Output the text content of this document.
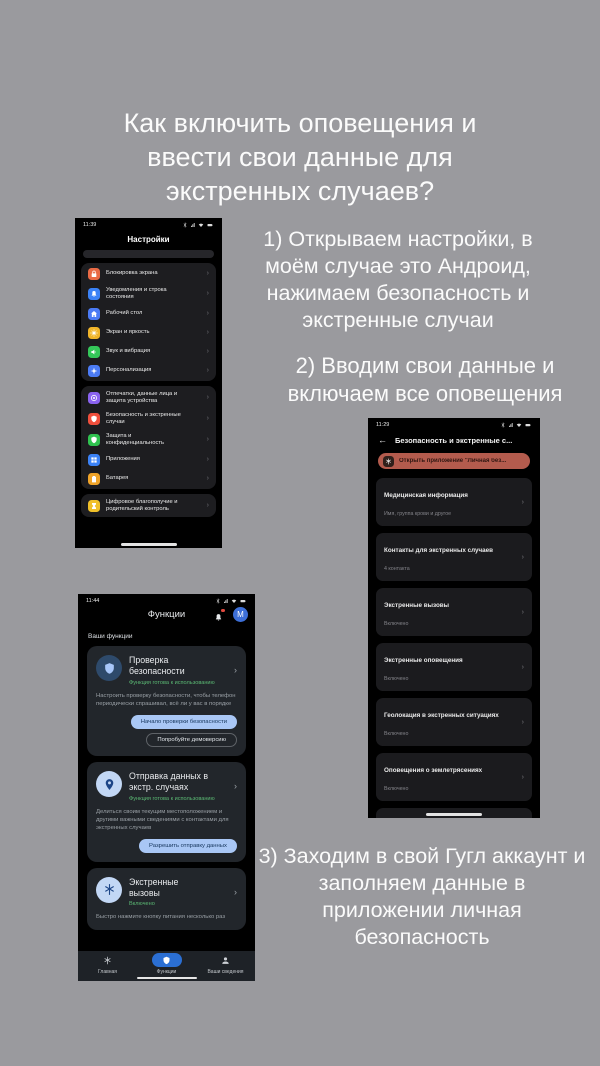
Как включить оповещения и
ввести свои данные для
экстренных случаев?

1) Открываем настройки, в моём случае это Андроид, нажимаем безопасность и экстренные случаи

2) Вводим свои данные и включаем все оповещения

3) Заходим в свой Гугл аккаунт и заполняем данные в приложении личная безопасность

11:39
Настройки
Блокировка экрана	›
Уведомления и строка состояния	›
Рабочий стол	›
Экран и яркость	›
Звук и вибрация	›
Персонализация	›
Отпечатки, данные лица и защита устройства	›
Безопасность и экстренные случаи	›
Защита и конфиденциальность	›
Приложения	›
Батарея	›
Цифровое благополучие и родительский контроль	›
11:29
← Безопасность и экстренные с...
Открыть приложение "Личная без...
Медицинская информация
Имя, группа крови и другое
›
Контакты для экстренных случаев
4 контакта
›
Экстренные вызовы
Включено
›
Экстренные оповещения
Включено
›
Геолокация в экстренных ситуациях
Включено
›
Оповещения о землетрясениях
Включено
›

11:44
Функции	M
Ваши функции
Проверка безопасности
Функция готова к использованию
›
Настроить проверку безопасности, чтобы телефон периодически спрашивал, всё ли у вас в порядке
Начало проверки безопасности
Попробуйте демоверсию
Отправка данных в экстр. случаях
Функция готова к использованию
›
Делиться своим текущим местоположением и другими важными сведениями с контактами для экстренных случаев
Разрешить отправку данных
Экстренные вызовы
Включено
›
Быстро нажмите кнопку питания несколько раз
Главная	Функции	Ваши сведения
